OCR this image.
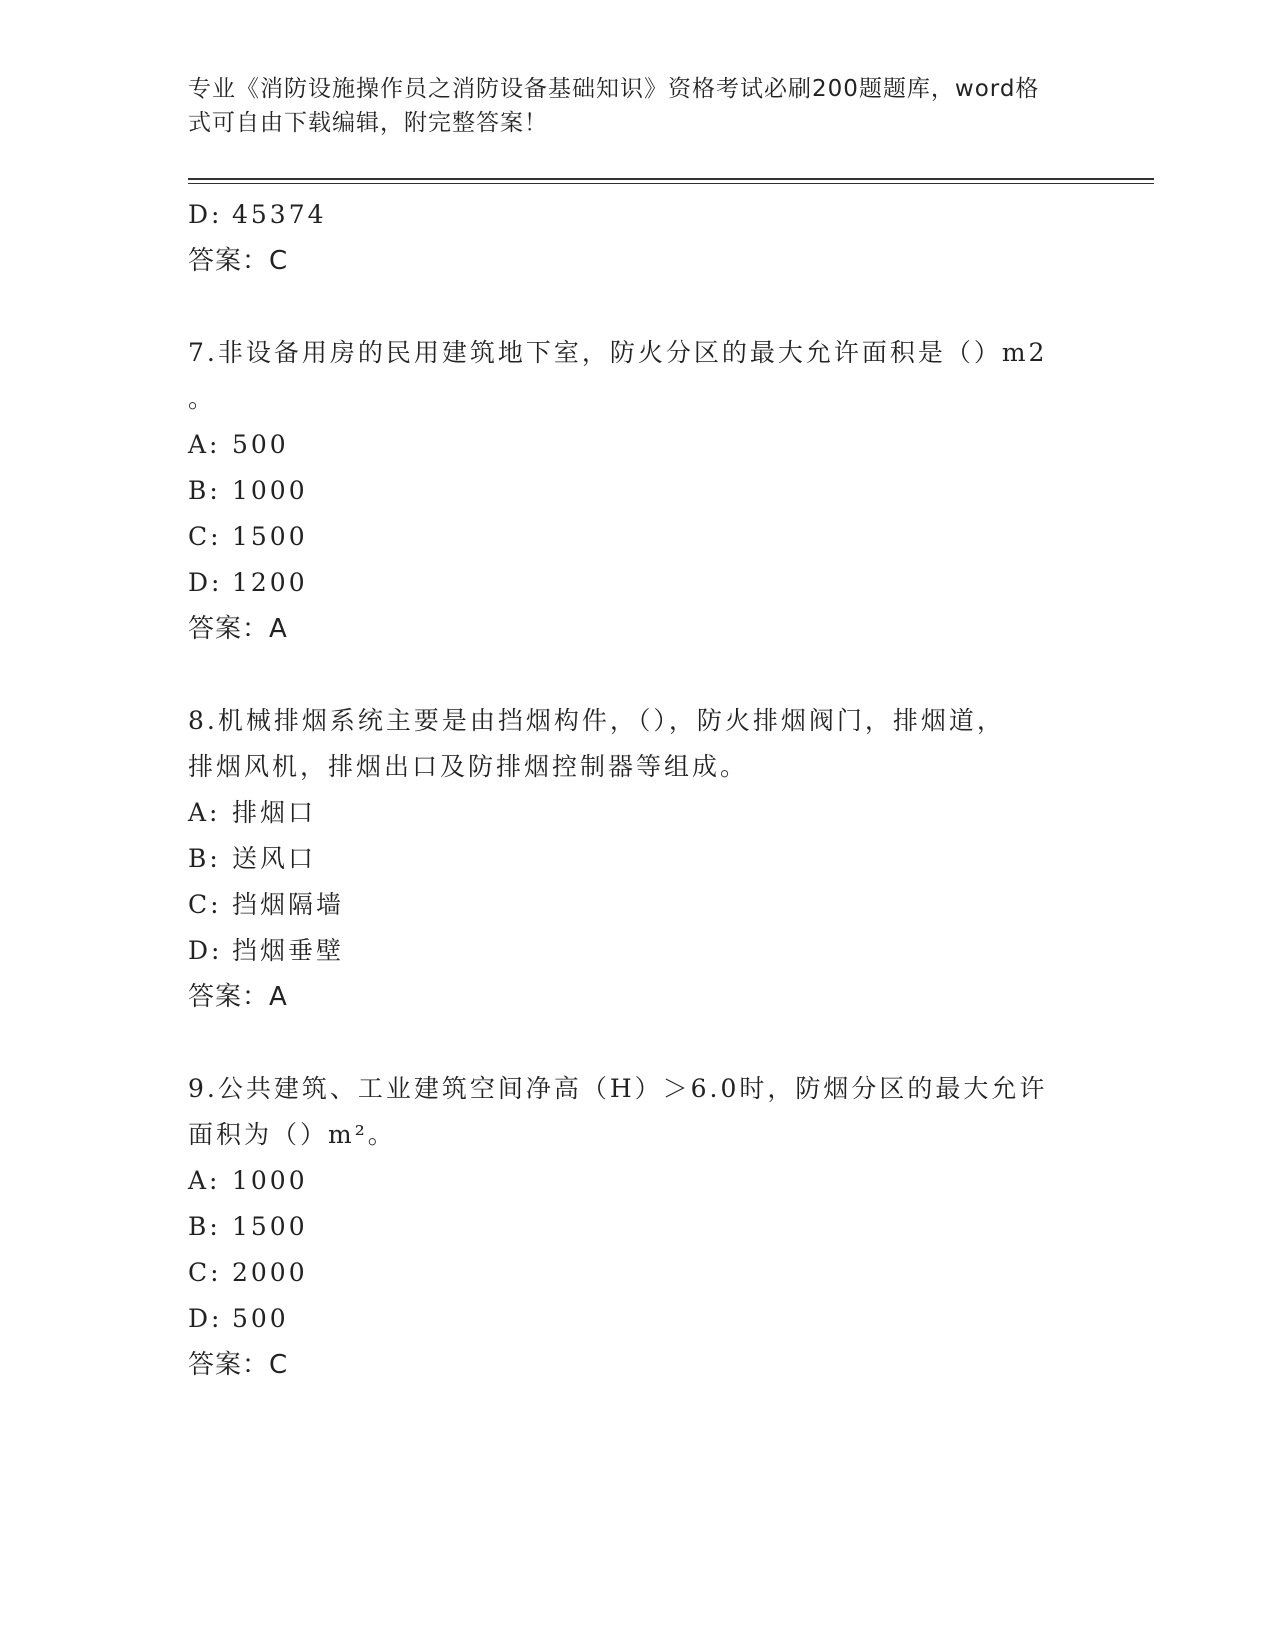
专业《消防设施操作员之消防设备基础知识》资格考试必刷200题题库，word格
式可自由下载编辑，附完整答案！
D: 45374
答案：C
7.非设备用房的民用建筑地下室，防火分区的最大允许面积是（）m2
。
A: 500
B: 1000
C: 1500
D: 1200
答案：A
8.机械排烟系统主要是由挡烟构件，（），防火排烟阀门，排烟道，
排烟风机，排烟出口及防排烟控制器等组成。
A: 排烟口
B: 送风口
C: 挡烟隔墙
D: 挡烟垂壁
答案：A
9.公共建筑、工业建筑空间净高（H）＞6.0时，防烟分区的最大允许
面积为（）m²。
A: 1000
B: 1500
C: 2000
D: 500
答案：C
